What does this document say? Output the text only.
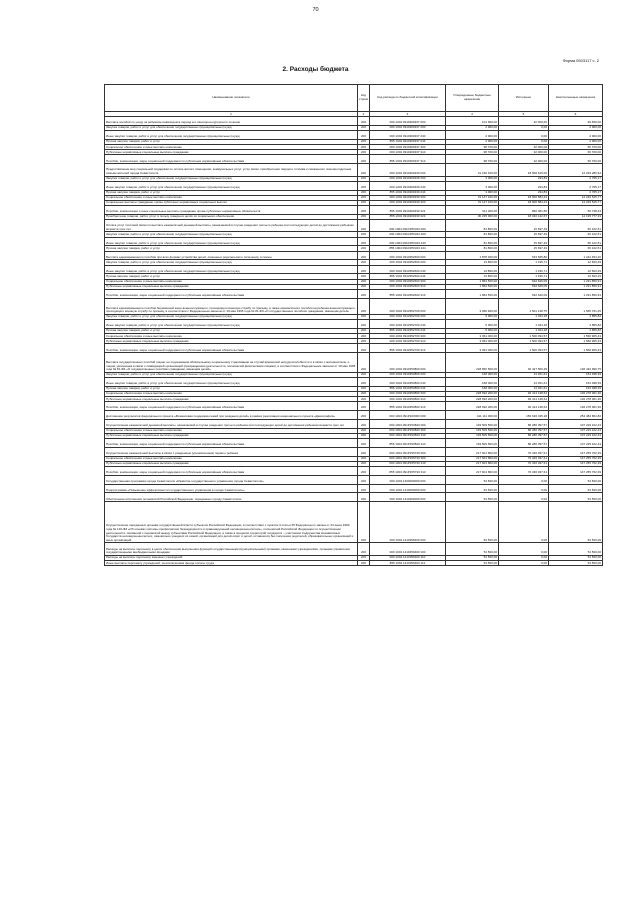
70
Форма 0503117 с. 2
2. Расходы бюджета
Наименование показателя	Код строки	Код расхода по бюджетной классификации	Утвержденные бюджетные назначения	Исполнено	Неисполненные назначения
1	2	3	4	5	6
Выплата пособия по уходу за ребенком-инвалидом в период его санаторно-курортного лечения	200	000 1004 0910300337 000	101 600,00	32 000,00	69 600,00
Закупка товаров, работ и услуг для обеспечения государственных (муниципальных) нужд	200	000 1004 0910300337 200	2 900,00	0,00	2 900,00
Иные закупки товаров, работ и услуг для обеспечения государственных (муниципальных) нужд	200	000 1004 0910300337 240	2 900,00	0,00	2 900,00
Прочая закупка товаров, работ и услуг	200	855 1004 0910300337 244	2 900,00	0,00	2 900,00
Социальное обеспечение и иные выплаты населению	200	000 1004 0910300337 300	98 700,00	32 000,00	66 700,00
Публичные нормативные социальные выплаты гражданам	200	000 1004 0910300337 310	98 700,00	32 000,00	66 700,00
Пособия, компенсации, меры социальной поддержки по публичным нормативным обязательствам	200	855 1004 0910300337 313	98 700,00	32 000,00	66 700,00
Предоставление мер социальной поддержки по оплате жилого помещения, коммунальных услуг, услуг связи, приобретения твердого топлива и сжиженного газа многодетным семьям жителей города Севастополя	200	000 1004 0910300339 000	31 150 100,00	18 900 619,06	12 249 280,94
Закупка товаров, работ и услуг для обеспечения государственных (муниципальных) нужд	200	000 1004 0910300339 200	3 000,00	234,83	2 765,17
Иные закупки товаров, работ и услуг для обеспечения государственных (муниципальных) нужд	200	000 1004 0910300339 240	3 000,00	234,83	2 765,17
Прочая закупка товаров, работ и услуг	200	855 1004 0910300339 244	3 000,00	234,83	2 765,17
Социальное обеспечение и иные выплаты населению	200	000 1004 0910300339 300	31 147 100,00	18 900 584,23	12 246 515,77
Социальные выплаты гражданам, кроме публичных нормативных социальных выплат	200	000 1004 0910300339 320	31 147 100,00	18 900 584,23	12 246 515,77
Пособия, компенсации и иные социальные выплаты гражданам, кроме публичных нормативных обязательств	200	855 1004 0910300339 321	911 200,00	860 461,56	50 738,44
Приобретение товаров, работ, услуг в пользу граждан в целях их социального обеспечения	200	855 1004 0910300339 323	30 235 900,00	18 040 122,67	12 195 777,33
Оплата услуг почтовой связи по выплате ежемесячной денежной выплаты, назначаемой в случае рождения третьего ребенка или последующих детей до достижения ребенком возраста трех лет	200	000 1004 09103П0343 000	81 800,00	15 697,49	66 102,51
Закупка товаров, работ и услуг для обеспечения государственных (муниципальных) нужд	200	000 1004 09103П0343 200	81 800,00	15 697,49	66 102,51
Иные закупки товаров, работ и услуг для обеспечения государственных (муниципальных) нужд	200	000 1004 09103П0343 240	81 800,00	15 697,49	66 102,51
Прочая закупка товаров, работ и услуг	200	855 1004 09103П0343 244	81 800,00	15 697,49	66 102,51
Выплата единовременного пособия при всех формах устройства детей, лишенных родительского попечения, в семью	200	000 1004 0910352600 000	1 878 300,00	633 845,80	1 244 454,20
Закупка товаров, работ и услуг для обеспечения государственных (муниципальных) нужд	200	000 1004 0910352600 200	13 800,00	1 196,71	12 603,29
Иные закупки товаров, работ и услуг для обеспечения государственных (муниципальных) нужд	200	000 1004 0910352600 240	13 800,00	1 196,71	12 603,29
Прочая закупка товаров, работ и услуг	200	855 1004 0910352600 244	13 800,00	1 196,71	12 603,29
Социальное обеспечение и иные выплаты населению	200	000 1004 0910352600 300	1 864 500,00	632 649,09	1 231 850,91
Публичные нормативные социальные выплаты гражданам	200	000 1004 0910352600 310	1 864 500,00	632 649,09	1 231 850,91
Пособия, компенсации, меры социальной поддержки по публичным нормативным обязательствам	200	855 1004 0910352600 313	1 864 500,00	632 649,09	1 231 850,91
Выплата единовременного пособия беременной жене военнослужащего, проходящего военную службу по призыву, а также ежемесячного пособия на ребенка военнослужащего, проходящего военную службу по призыву, в соответствии с Федеральным законом от 19 мая 1995 года № 81-ФЗ «О государственных пособиях гражданам, имеющим детей»	200	000 1004 0910352700 000	3 066 900,00	1 501 138,75	1 565 761,25
Закупка товаров, работ и услуг для обеспечения государственных (муниципальных) нужд	200	000 1004 0910352700 200	5 900,00	1 044,18	4 855,82
Иные закупки товаров, работ и услуг для обеспечения государственных (муниципальных) нужд	200	000 1004 0910352700 240	5 900,00	1 044,18	4 855,82
Прочая закупка товаров, работ и услуг	200	855 1004 0910352700 244	5 900,00	1 044,18	4 855,82
Социальное обеспечение и иные выплаты населению	200	000 1004 0910352700 300	3 061 000,00	1 500 094,57	1 560 905,43
Публичные нормативные социальные выплаты гражданам	200	000 1004 0910352700 310	3 061 000,00	1 500 094,57	1 560 905,43
Пособия, компенсации, меры социальной поддержки по публичным нормативным обязательствам	200	855 1004 0910352700 313	3 061 000,00	1 500 094,57	1 560 905,43
Выплата государственных пособий лицам, не подлежащим обязательному социальному страхованию на случай временной нетрудоспособности и в связи с материнством, и лицам, уволенным в связи с ликвидацией организаций (прекращением деятельности, полномочий физическими лицами), в соответствии с Федеральным законом от 19 мая 1995 года № 81-ФЗ «О государственных пособиях гражданам, имеющим детей»	200	000 1004 0910353800 000	228 860 500,00	92 427 500,25	136 432 999,75
Закупка товаров, работ и услуг для обеспечения государственных (муниципальных) нужд	200	000 1004 0910353800 200	168 300,00	13 361,61	154 938,39
Иные закупки товаров, работ и услуг для обеспечения государственных (муниципальных) нужд	200	000 1004 0910353800 240	168 300,00	13 361,61	154 938,39
Прочая закупка товаров, работ и услуг	200	855 1004 0910353800 244	168 300,00	13 361,61	154 938,39
Социальное обеспечение и иные выплаты населению	200	000 1004 0910353800 300	228 692 200,00	92 414 138,64	136 278 061,36
Публичные нормативные социальные выплаты гражданам	200	000 1004 0910353800 310	228 692 200,00	92 414 138,64	136 278 061,36
Пособия, компенсации, меры социальной поддержки по публичным нормативным обязательствам	200	855 1004 0910353800 313	228 692 200,00	92 414 138,64	136 278 061,36
Достижение результатов федерального проекта «Финансовая поддержка семей при рождении детей» в рамках реализации национального проекта «Демография»	200	000 1004 091P100000 000	411 111 300,00	156 626 435,18	254 484 864,82
Осуществление ежемесячной денежной выплаты, назначаемой в случае рождения третьего ребенка или последующих детей до достижения ребенком возраста трех лет	200	000 1004 091P150840 000	193 509 500,00	86 280 397,57	107 229 102,43
Социальное обеспечение и иные выплаты населению	200	000 1004 091P150840 300	193 509 500,00	86 280 397,57	107 229 102,43
Публичные нормативные социальные выплаты гражданам	200	000 1004 091P150840 310	193 509 500,00	86 280 397,57	107 229 102,43
Пособия, компенсации, меры социальной поддержки по публичным нормативным обязательствам	200	855 1004 091P150840 313	193 509 500,00	86 280 397,57	107 229 102,43
Осуществление ежемесячной выплаты в связи с рождением (усыновлением) первого ребенка	200	000 1004 091P155730 000	217 601 800,00	70 346 037,61	147 255 762,39
Социальное обеспечение и иные выплаты населению	200	000 1004 091P155730 300	217 601 800,00	70 346 037,61	147 255 762,39
Публичные нормативные социальные выплаты гражданам	200	000 1004 091P155730 310	217 601 800,00	70 346 037,61	147 255 762,39
Пособия, компенсации, меры социальной поддержки по публичным нормативным обязательствам	200	855 1004 091P155730 313	217 601 800,00	70 346 037,61	147 255 762,39
Государственная программа города Севастополя «Развитие государственного управления города Севастополя»	200	000 1004 1400000000 000	54 500,00	0,00	54 500,00
Подпрограмма «Повышение эффективности государственного управления в городе Севастополе»	200	000 1004 1410000000 000	54 500,00	0,00	54 500,00
Обеспечение исполнения полномочий Российской Федерации, переданных городу Севастополю	200	000 1004 1410300000 000	54 500,00	0,00	54 500,00
Осуществление переданных органам государственной власти субъектов Российской Федерации, в соответствии с пунктом 3 статьи 25 Федерального закона от 24 июня 1999 года № 120-ФЗ «Об основах системы профилактики безнадзорности и правонарушений несовершеннолетних», полномочий Российской Федерации по осуществлению деятельности, связанной с перевозкой между субъектами Российской Федерации, а также в пределах территорий государств – участников Содружества Независимых Государств несовершеннолетних, самовольно ушедших из семей, организаций для детей-сирот и детей, оставшихся без попечения родителей, образовательных организаций и иных организаций	200	000 1004 1410359400 000	54 500,00	0,00	54 500,00
Расходы на выплаты персоналу в целях обеспечения выполнения функций государственными (муниципальными) органами, казенными учреждениями, органами управления государственными внебюджетными фондами	200	000 1004 1410359400 100	54 500,00	0,00	54 500,00
Расходы на выплаты персоналу казенных учреждений	200	000 1004 1410359400 110	54 500,00	0,00	54 500,00
Иные выплаты персоналу учреждений, за исключением фонда оплаты труда	200	855 1004 1410359400 112	54 500,00	0,00	54 500,00
